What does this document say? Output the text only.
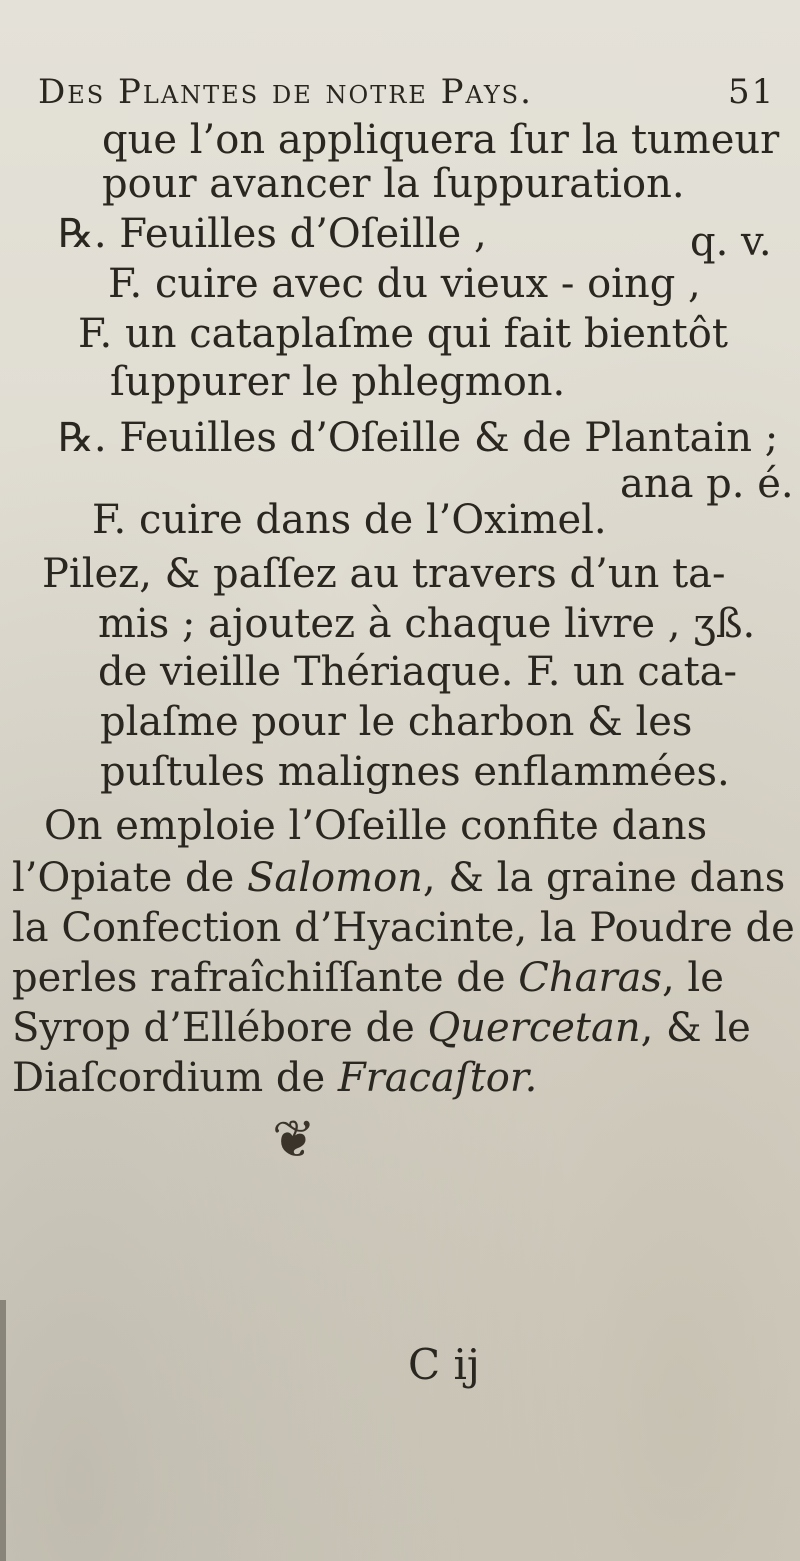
Des Plantes de notre Pays.	51
que l’on appliquera ſur la tumeur
pour avancer la ſuppuration.
℞. Feuilles d’Oſeille ,	q. v.
F. cuire avec du vieux - oing ,
F. un cataplaſme qui fait bientôt
ſuppurer le phlegmon.
℞. Feuilles d’Oſeille & de Plantain ;
ana p. é.
F. cuire dans de l’Oximel.
Pilez, & paſſez au travers d’un ta-
mis ; ajoutez à chaque livre , ʒß.
de vieille Thériaque. F. un cata-
plaſme pour le charbon & les
puſtules malignes enflammées.
On emploie l’Oſeille confite dans
l’Opiate de Salomon, & la graine dans
la Confection d’Hyacinte, la Poudre de
perles rafraîchiſſante de Charas, le
Syrop d’Ellébore de Quercetan, & le
Diaſcordium de Fracaſtor.
❦
C ij
